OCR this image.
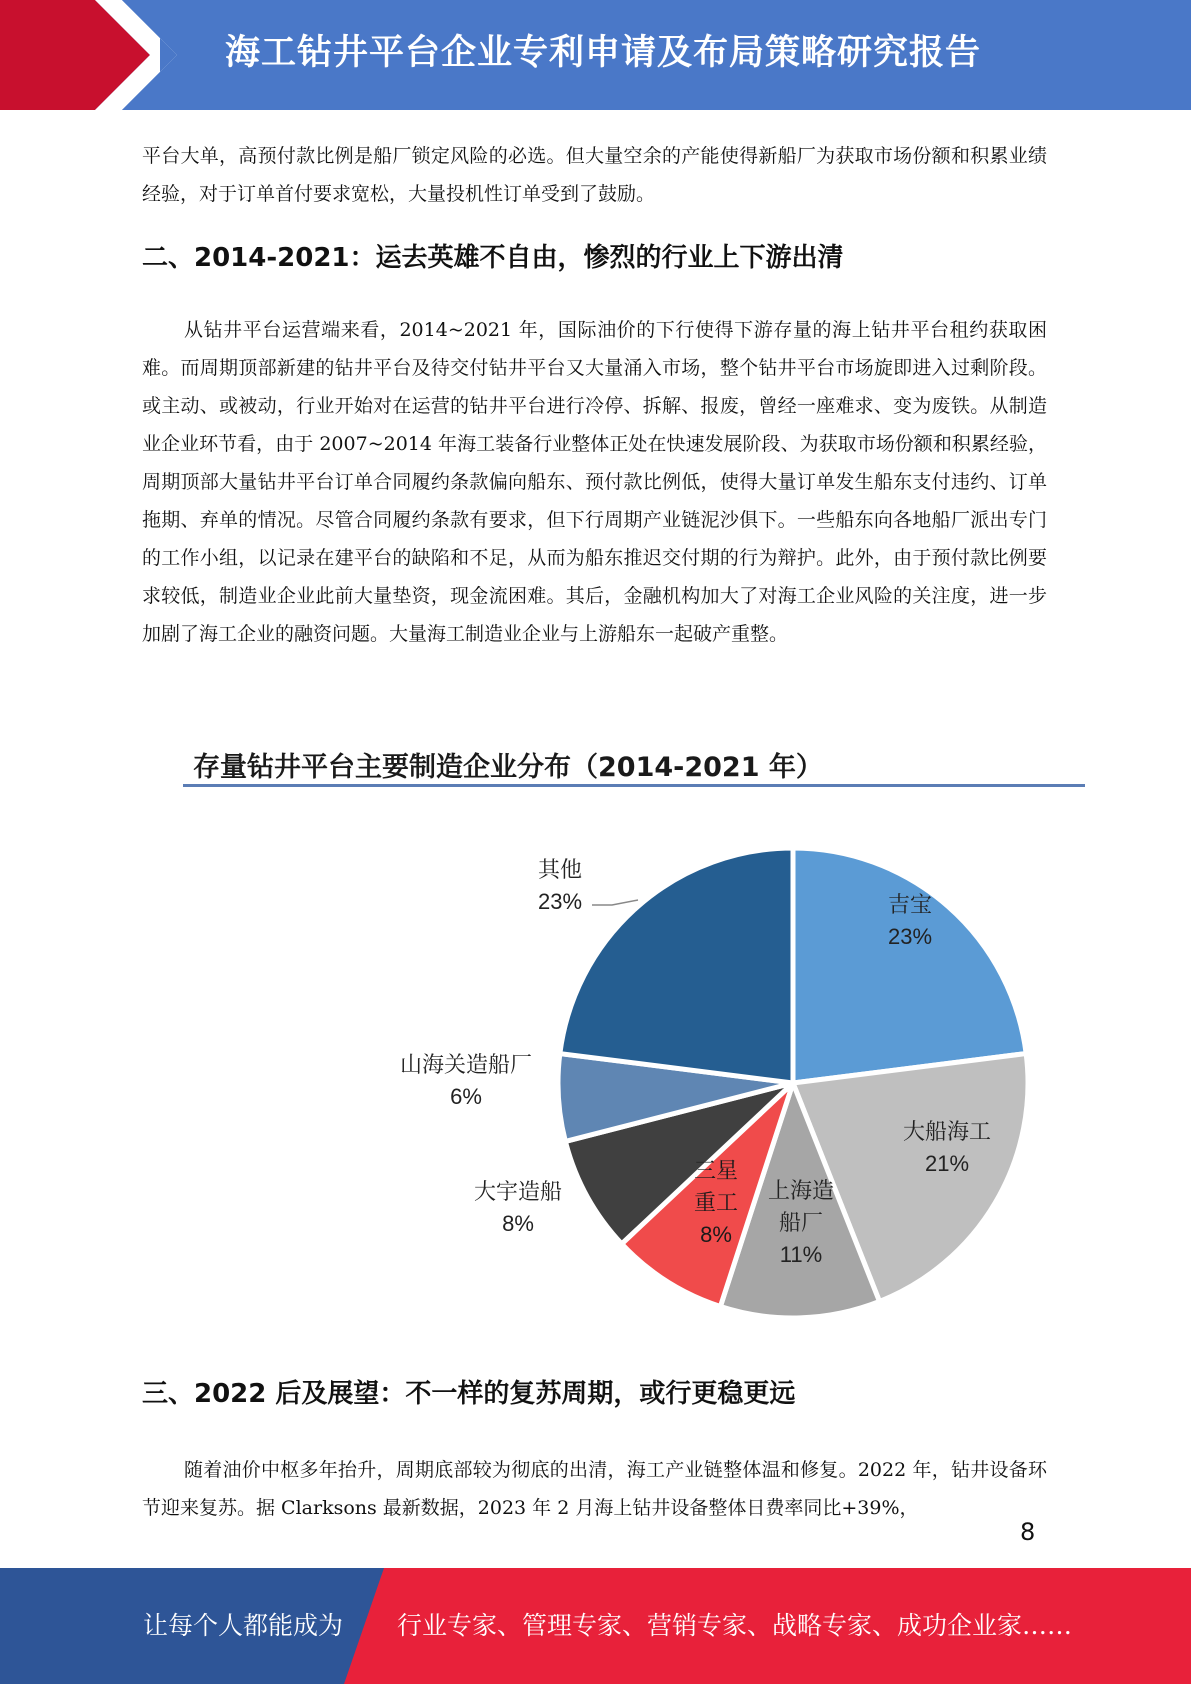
海工钻井平台企业专利申请及布局策略研究报告

平台大单，高预付款比例是船厂锁定风险的必选。但大量空余的产能使得新船厂为获取市场份额和积累业绩经验，对于订单首付要求宽松，大量投机性订单受到了鼓励。

二、2014-2021：运去英雄不自由，惨烈的行业上下游出清

从钻井平台运营端来看，2014~2021 年，国际油价的下行使得下游存量的海上钻井平台租约获取困难。而周期顶部新建的钻井平台及待交付钻井平台又大量涌入市场，整个钻井平台市场旋即进入过剩阶段。或主动、或被动，行业开始对在运营的钻井平台进行冷停、拆解、报废，曾经一座难求、变为废铁。从制造业企业环节看，由于 2007~2014 年海工装备行业整体正处在快速发展阶段、为获取市场份额和积累经验，周期顶部大量钻井平台订单合同履约条款偏向船东、预付款比例低，使得大量订单发生船东支付违约、订单拖期、弃单的情况。尽管合同履约条款有要求，但下行周期产业链泥沙俱下。一些船东向各地船厂派出专门的工作小组，以记录在建平台的缺陷和不足，从而为船东推迟交付期的行为辩护。此外，由于预付款比例要求较低，制造业企业此前大量垫资，现金流困难。其后，金融机构加大了对海工企业风险的关注度，进一步加剧了海工企业的融资问题。大量海工制造业企业与上游船东一起破产重整。

存量钻井平台主要制造企业分布（2014-2021 年）
吉宝
23%
大船海工
21%
上海造
船厂
11%
三星
重工
8%
大宇造船
8%
山海关造船厂
6%
其他
23%
三、2022 后及展望：不一样的复苏周期，或行更稳更远

随着油价中枢多年抬升，周期底部较为彻底的出清，海工产业链整体温和修复。2022 年，钻井设备环节迎来复苏。据 Clarksons 最新数据，2023 年 2 月海上钻井设备整体日费率同比+39%，

8
让每个人都能成为 行业专家、管理专家、营销专家、战略专家、成功企业家……
